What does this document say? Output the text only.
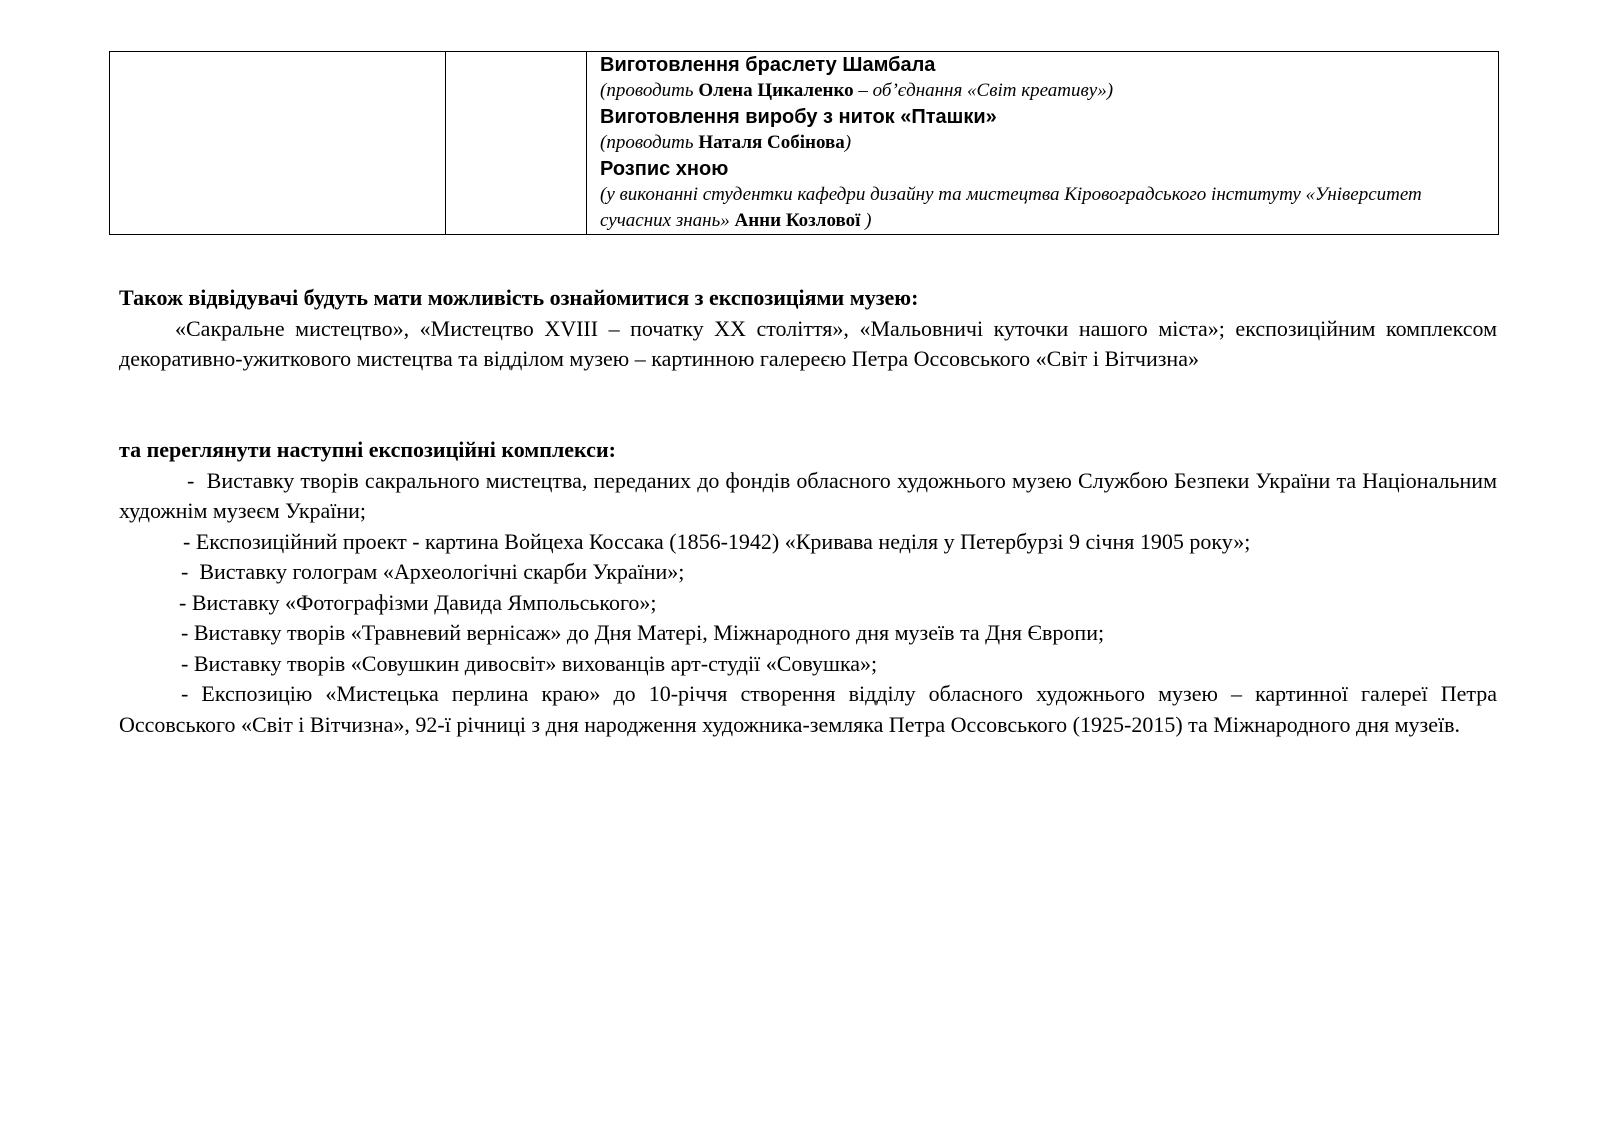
Виготовлення браслету Шамбала
(проводить Олена Цикаленко – об’єднання «Світ креативу»)
Виготовлення виробу з ниток «Пташки»
(проводить Наталя Собінова)
Розпис хною
(у виконанні студентки кафедри дизайну та мистецтва Кіровоградського інституту «Університет сучасних знань» Анни Козлової )
Також відвідувачі будуть мати можливість ознайомитися з експозиціями музею:

«Сакральне мистецтво», «Мистецтво XVIII – початку ХХ століття», «Мальовничі куточки нашого міста»; експозиційним комплексом декоративно-ужиткового мистецтва та відділом музею – картинною галереєю Петра Оссовського «Світ і Вітчизна»

та переглянути наступні експозиційні комплекси:

-  Виставку творів сакрального мистецтва, переданих до фондів обласного художнього музею Службою Безпеки України та Національним художнім музеєм України;

- Експозиційний проект - картина Войцеха Коссака (1856-1942) «Кривава неділя у Петербурзі 9 січня 1905 року»;

-  Виставку голограм «Археологічні скарби України»;

- Виставку «Фотографізми Давида Ямпольського»;

- Виставку творів «Травневий вернісаж» до Дня Матері, Міжнародного дня музеїв та Дня Європи;

- Виставку творів «Совушкин дивосвіт» вихованців арт-студії «Совушка»;

- Експозицію «Мистецька перлина краю» до 10-річчя створення відділу обласного художнього музею – картинної галереї Петра Оссовського «Світ і Вітчизна», 92-ї річниці з дня народження художника-земляка Петра Оссовського (1925-2015) та Міжнародного дня музеїв.
